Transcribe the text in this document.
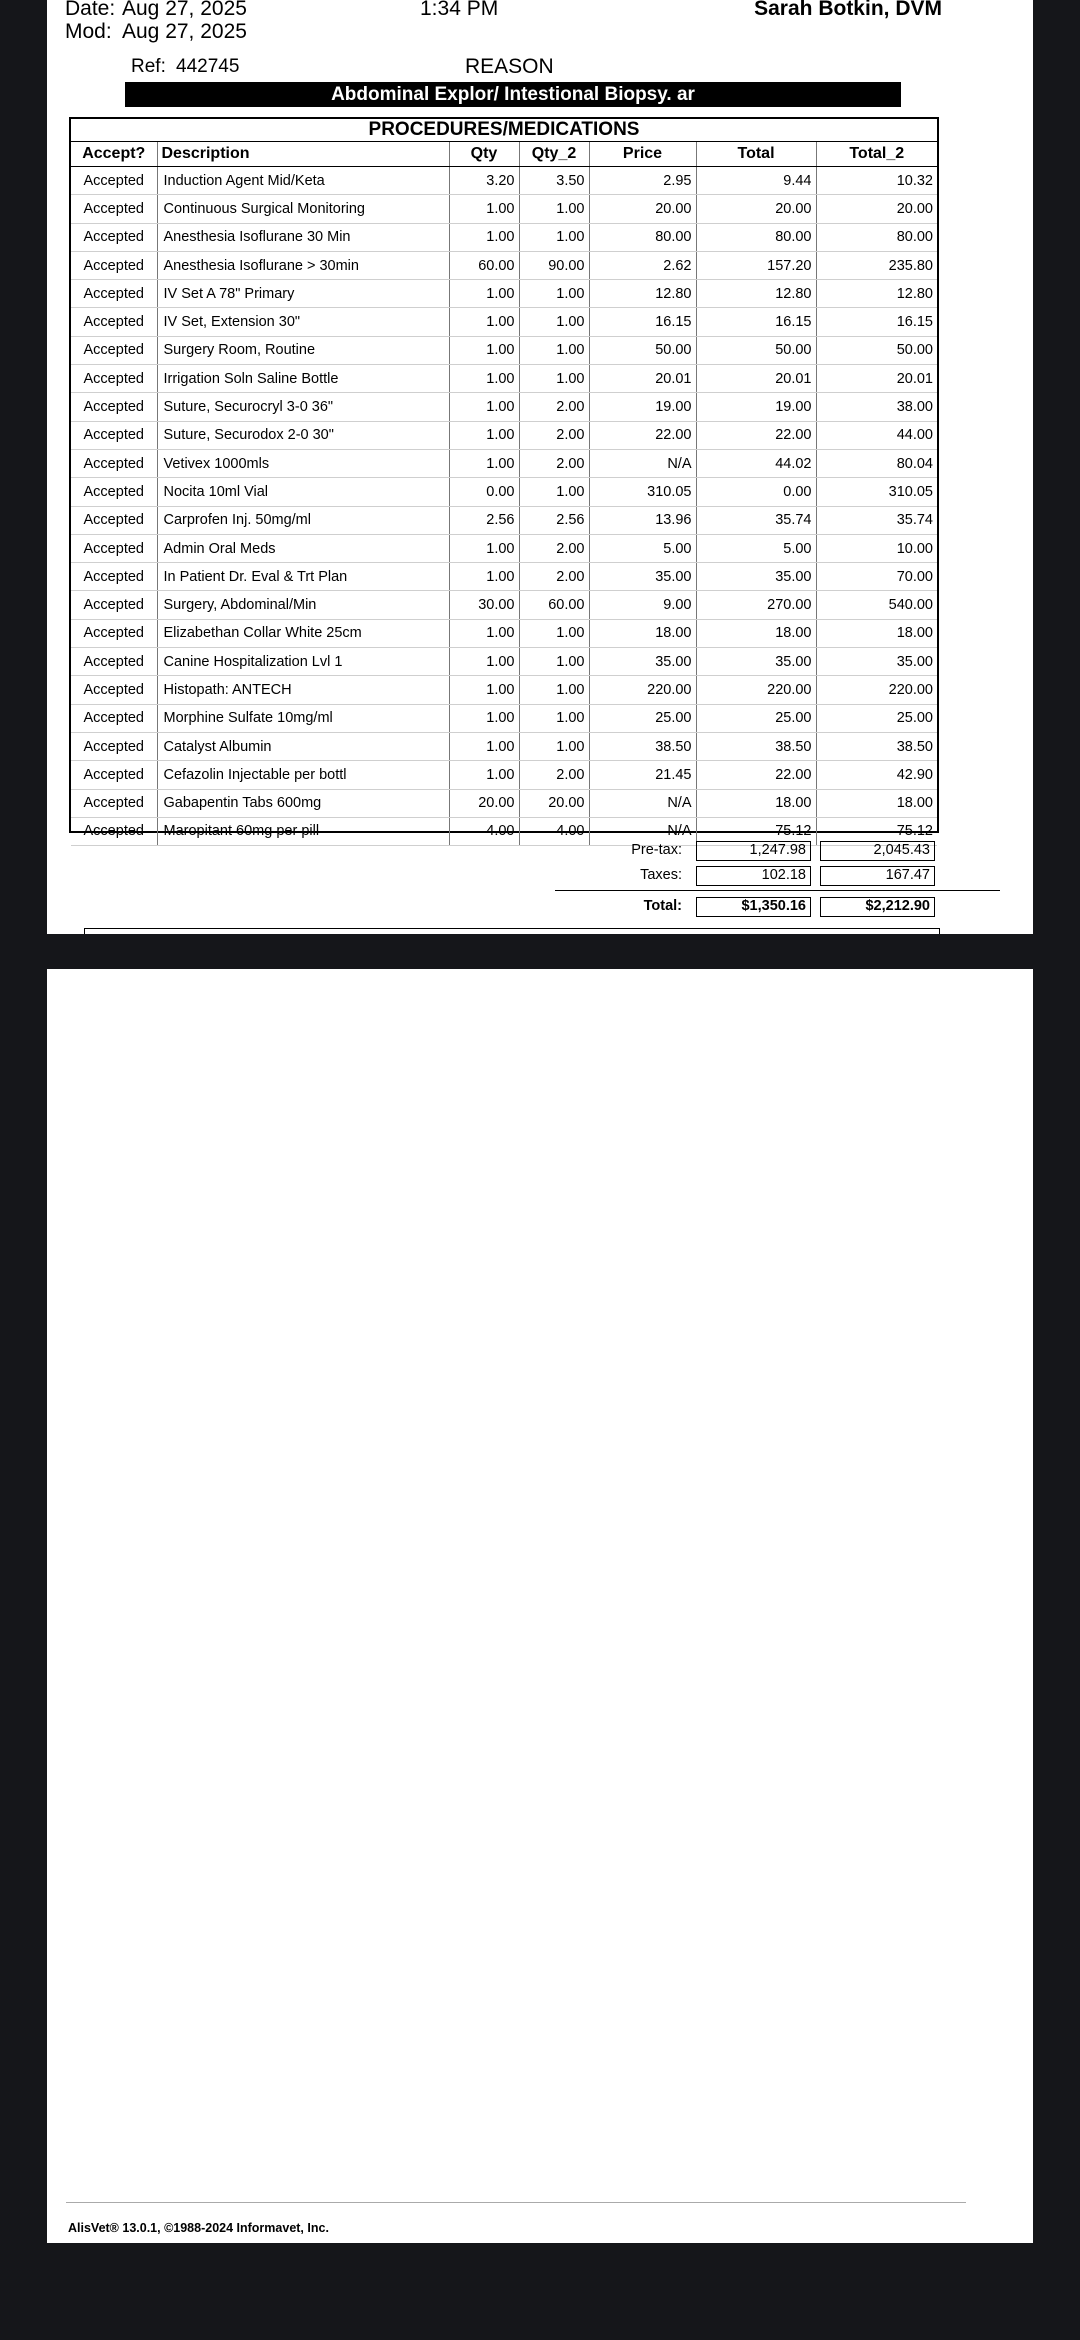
Date: Aug 27, 2025
Mod: Aug 27, 2025
1:34 PM	Sarah Botkin, DVM
Ref: 442745	REASON
Abdominal Explor/ Intestional Biopsy. ar
PROCEDURES/MEDICATIONS
Accept?	Description	Qty	Qty_2	Price	Total	Total_2
Accepted	Induction Agent Mid/Keta	3.20	3.50	2.95	9.44	10.32
Accepted	Continuous Surgical Monitoring	1.00	1.00	20.00	20.00	20.00
Accepted	Anesthesia Isoflurane 30 Min	1.00	1.00	80.00	80.00	80.00
Accepted	Anesthesia Isoflurane > 30min	60.00	90.00	2.62	157.20	235.80
Accepted	IV Set A 78" Primary	1.00	1.00	12.80	12.80	12.80
Accepted	IV Set, Extension 30"	1.00	1.00	16.15	16.15	16.15
Accepted	Surgery Room, Routine	1.00	1.00	50.00	50.00	50.00
Accepted	Irrigation Soln Saline Bottle	1.00	1.00	20.01	20.01	20.01
Accepted	Suture, Securocryl 3-0 36"	1.00	2.00	19.00	19.00	38.00
Accepted	Suture, Securodox 2-0 30"	1.00	2.00	22.00	22.00	44.00
Accepted	Vetivex 1000mls	1.00	2.00	N/A	44.02	80.04
Accepted	Nocita 10ml Vial	0.00	1.00	310.05	0.00	310.05
Accepted	Carprofen Inj. 50mg/ml	2.56	2.56	13.96	35.74	35.74
Accepted	Admin Oral Meds	1.00	2.00	5.00	5.00	10.00
Accepted	In Patient Dr. Eval & Trt Plan	1.00	2.00	35.00	35.00	70.00
Accepted	Surgery, Abdominal/Min	30.00	60.00	9.00	270.00	540.00
Accepted	Elizabethan Collar White 25cm	1.00	1.00	18.00	18.00	18.00
Accepted	Canine Hospitalization Lvl 1	1.00	1.00	35.00	35.00	35.00
Accepted	Histopath: ANTECH	1.00	1.00	220.00	220.00	220.00
Accepted	Morphine Sulfate 10mg/ml	1.00	1.00	25.00	25.00	25.00
Accepted	Catalyst Albumin	1.00	1.00	38.50	38.50	38.50
Accepted	Cefazolin Injectable per bottl	1.00	2.00	21.45	22.00	42.90
Accepted	Gabapentin Tabs 600mg	20.00	20.00	N/A	18.00	18.00
Accepted	Maropitant 60mg per pill	4.00	4.00	N/A	75.12	75.12
Pre-tax:	1,247.98	2,045.43
Taxes:	102.18	167.47
Total:	$1,350.16	$2,212.90
AlisVet® 13.0.1, ©1988-2024 Informavet, Inc.
